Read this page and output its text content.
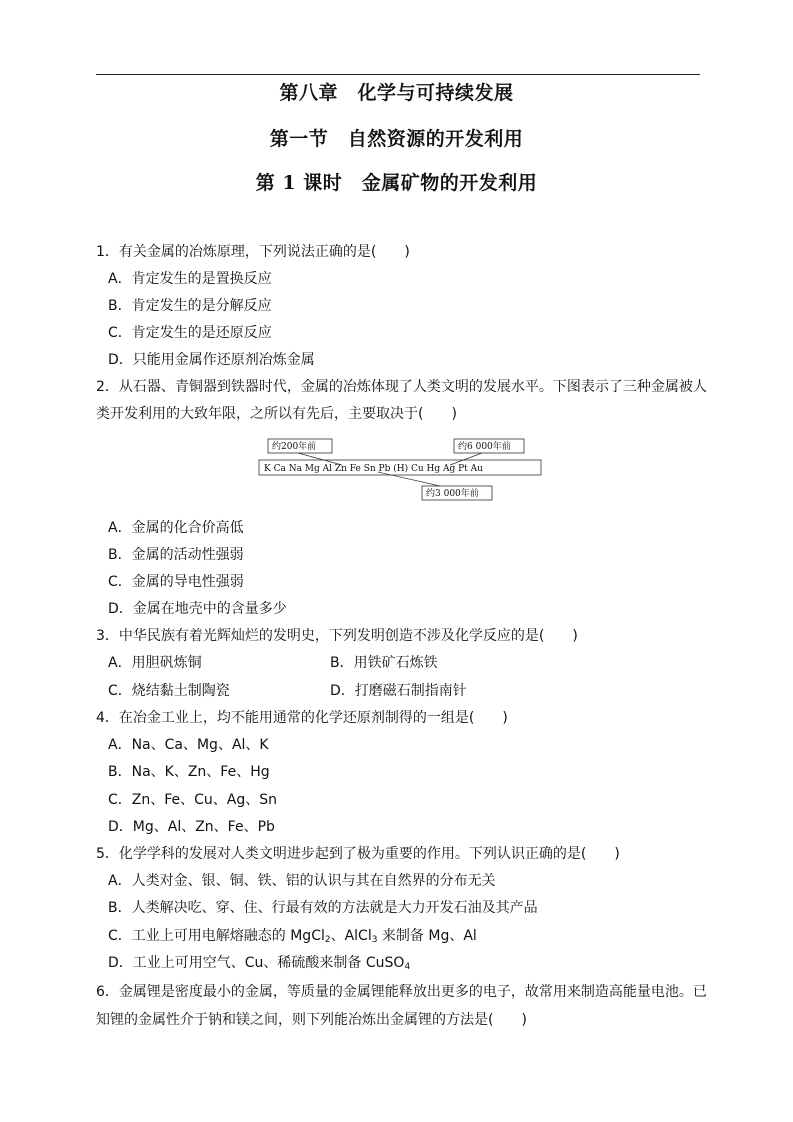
第八章　化学与可持续发展
第一节　自然资源的开发利用
第 1 课时　金属矿物的开发利用
1．有关金属的冶炼原理，下列说法正确的是(　　)
A．肯定发生的是置换反应
B．肯定发生的是分解反应
C．肯定发生的是还原反应
D．只能用金属作还原剂冶炼金属
2．从石器、青铜器到铁器时代，金属的冶炼体现了人类文明的发展水平。下图表示了三种金属被人
类开发利用的大致年限，之所以有先后，主要取决于(　　)
K Ca Na Mg Al Zn Fe Sn Pb (H) Cu Hg Ag Pt Au
约200年前	约6 000年前
约3 000年前
A．金属的化合价高低
B．金属的活动性强弱
C．金属的导电性强弱
D．金属在地壳中的含量多少
3．中华民族有着光辉灿烂的发明史，下列发明创造不涉及化学反应的是(　　)
A．用胆矾炼铜	B．用铁矿石炼铁
C．烧结黏土制陶瓷	D．打磨磁石制指南针
4．在冶金工业上，均不能用通常的化学还原剂制得的一组是(　　)
A．Na、Ca、Mg、Al、K
B．Na、K、Zn、Fe、Hg
C．Zn、Fe、Cu、Ag、Sn
D．Mg、Al、Zn、Fe、Pb
5．化学学科的发展对人类文明进步起到了极为重要的作用。下列认识正确的是(　　)
A．人类对金、银、铜、铁、铝的认识与其在自然界的分布无关
B．人类解决吃、穿、住、行最有效的方法就是大力开发石油及其产品
C．工业上可用电解熔融态的 MgCl$_2$、AlCl$_3$ 来制备 Mg、Al
D．工业上可用空气、Cu、稀硫酸来制备 CuSO$_4$
6．金属锂是密度最小的金属，等质量的金属锂能释放出更多的电子，故常用来制造高能量电池。已
知锂的金属性介于钠和镁之间，则下列能冶炼出金属锂的方法是(　　)
